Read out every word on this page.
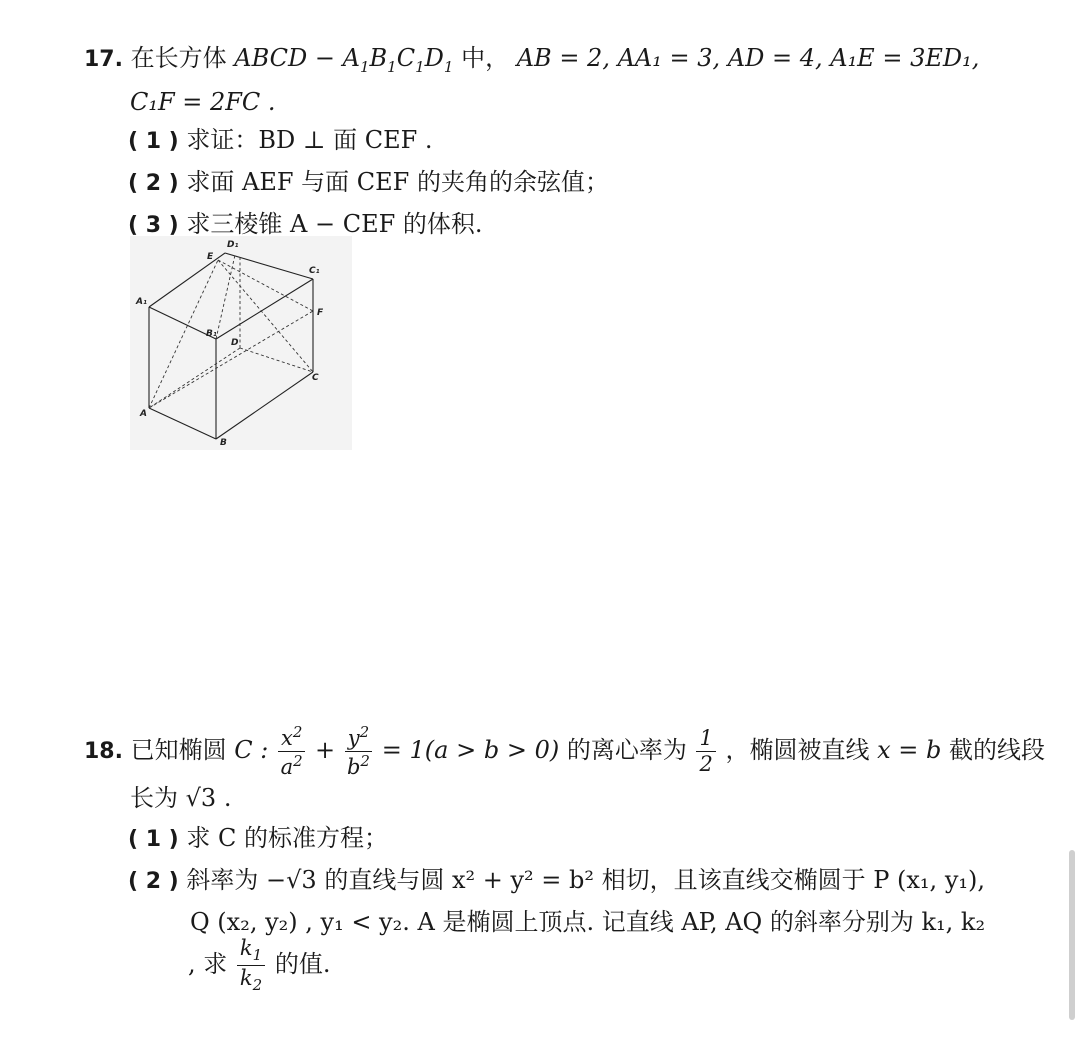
17. 在长方体 ABCD − $A_1B_1C_1D_1$ 中， AB = 2, AA₁ = 3, AD = 4, A₁E = 3ED₁,
C₁F = 2FC .
( 1 ) 求证：BD ⊥ 面 CEF .
( 2 ) 求面 AEF 与面 CEF 的夹角的余弦值；
( 3 ) 求三棱锥 A − CEF 的体积.
D₁
E
C₁
A₁
F
B₁
D
C
A
B
18. 已知椭圆 C : $\frac{x^2}{a^2} + \frac{y^2}{b^2} = 1(a > b > 0)$ 的离心率为 $\frac{1}{2}$ ，椭圆被直线 x = b 截的线段
长为 √3 .
( 1 ) 求 C 的标准方程；
( 2 ) 斜率为 −√3 的直线与圆 x² + y² = b² 相切，且该直线交椭圆于 P (x₁, y₁),
Q (x₂, y₂) , y₁ < y₂. A 是椭圆上顶点. 记直线 AP, AQ 的斜率分别为 k₁, k₂
, 求 $\frac{k_1}{k_2}$ 的值.
